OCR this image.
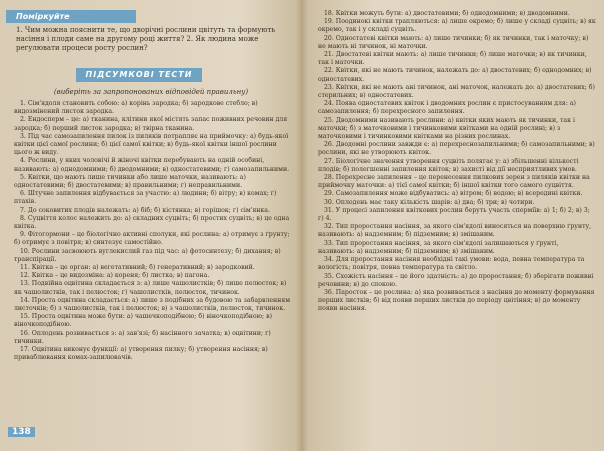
Поміркуйте
1. Чим можна пояснити те, що дворічні рослини цвітуть та формують насіння і плоди саме на другому році життя? 2. Як людина може регулювати процеси росту рослин?
ПІДСУМКОВІ ТЕСТИ
(виберіть за запропонованих відповідей правильну)

1. Сім'ядоля становить собою: а) корінь зародка; б) зародкове стебло; в) видозмінений листок зародка.

2. Ендосперм – це: а) тканина, клітини якої містять запас поживних речовин для зародка; б) перший листок зародка; в) твірна тканина.

3. Під час самозапилення пилок із пиляків потрапляє на приймочку: а) будь-якої квітки цієї самої рослини; б) цієї самої квітки; в) будь-якої квітки іншої рослини цього ж виду.

4. Рослини, у яких чоловічі й жіночі квітки перебувають на одній особині, називають: а) однодомними; б) дводомними; в) одностатевими; г) самозапильними.

5. Квітки, що мають лише тичинки або лише маточки, називають: а) одностатевими; б) двостатевими; в) правильними; г) неправильними.

6. Штучне запилення відбувається за участю: а) людини; б) вітру; в) комах; г) птахів.

7. До соковитих плодів належать: а) біб; б) кістянка; в) горішок; г) сім'янка.

8. Суцвіття колос належить до: а) складних суцвіть; б) простих суцвіть; в) це одна квітка.

9. Фітогормони – це біологічно активні сполуки, які рослина: а) отримує з ґрунту; б) отримує з повітря; в) синтезує самостійно.

10. Рослини засвоюють вуглекислий газ під час: а) фотосинтезу; б) дихання; в) транспірації.

11. Квітка – це орган: а) вегетативний; б) генеративний; в) зародковий.

12. Квітка – це видозміна: а) кореня; б) листка; в) пагона.

13. Подвійна оцвітина складається з: а) лише чашолистків; б) лише пелюсток; в) як чашолистків, так і пелюсток; г) чашолистків, пелюсток, тичинок.

14. Проста оцвітина складається: а) лише з подібних за будовою та забарвленням листочків; б) з чашолистків, так і пелюсток; в) з чашолистків, пелюсток, тичинок.

15. Проста оцвітина може бути: а) чашечкоподібною; б) віночкоподібною; в) віночкоподібною.

16. Оплодень розвивається з: а) зав'язі; б) насінного зачатка; в) оцвітини; г) тичинки.

17. Оцвітина виконує функції: а) утворення пилку; б) утворення насіння; в) приваблювання комах-запилювачів.

138

18. Квітки можуть бути: а) двостатевими; б) однодомними; в) дводомними.

19. Поодинокі квітки трапляються: а) лише окремо; б) лише у складі суцвіть; в) як окремо, так і у складі суцвіть.

20. Одностатеві квітки мають: а) лише тичинки; б) як тичинки, так і маточку; в) не мають ні тичинок, ні маточки.

21. Двостатеві квітки мають: а) лише тичинки; б) лише маточки; в) як тичинки, так і маточки.

22. Квітки, які не мають тичинок, належать до: а) двостатевих; б) однодомних; в) одностатевих.

23. Квітки, які не мають ані тичинок, ані маточок, належать до: а) двостатевих; б) стерильних; в) одностатевих.

24. Поява одностатевих квіток і дводомних рослин є пристосуванням для: а) самозапилення; б) перехресного запилення.

25. Дводомними називають рослини: а) квітки яких мають як тичинки, так і маточки; б) з маточковими і тичинковими квітками на одній рослині; в) з маточковими і тичинковими квітками на різних рослинах.

26. Дводомні рослини завжди є: а) перехреснозапильними; б) самозапильними; в) рослини, які не утворюють квіток.

27. Біологічне значення утворення суцвіть полягає у: а) збільшенні кількості плодів; б) полегшенні запилення квіток; в) захисті від дії несприятливих умов.

28. Перехресне запилення – це перенесення пилкових зерен з пиляків квітки на приймочку маточки: а) тієї самої квітки; б) іншої квітки того самого суцвіття.

29. Самозапилення може відбуватись: а) вітром; б) водою; в) всередині квітки.

30. Оплодень має таку кількість шарів: а) два; б) три; в) чотири.

31. У процесі запилення квіткових рослин беруть участь сперміїв: а) 1; б) 2; в) 3; г) 4.

32. Тип проростання насіння, за якого сім'ядолі виносяться на поверхню ґрунту, називають: а) надземним; б) підземним; в) змішаним.

33. Тип проростання насіння, за якого сім'ядолі залишаються у ґрунті, називають: а) надземним; б) підземним; в) змішаним.

34. Для проростання насіння необхідні такі умови: вода, певна температура та вологість; повітря, певна температура та світло.

35. Схожість насіння – це його здатність: а) до проростання; б) зберігати поживні речовини; в) до спокою.

36. Паросток – це рослина: а) яка розвивається з насіння до моменту формування перших листків; б) від появи перших листків до періоду цвітіння; в) до моменту появи насіння.
